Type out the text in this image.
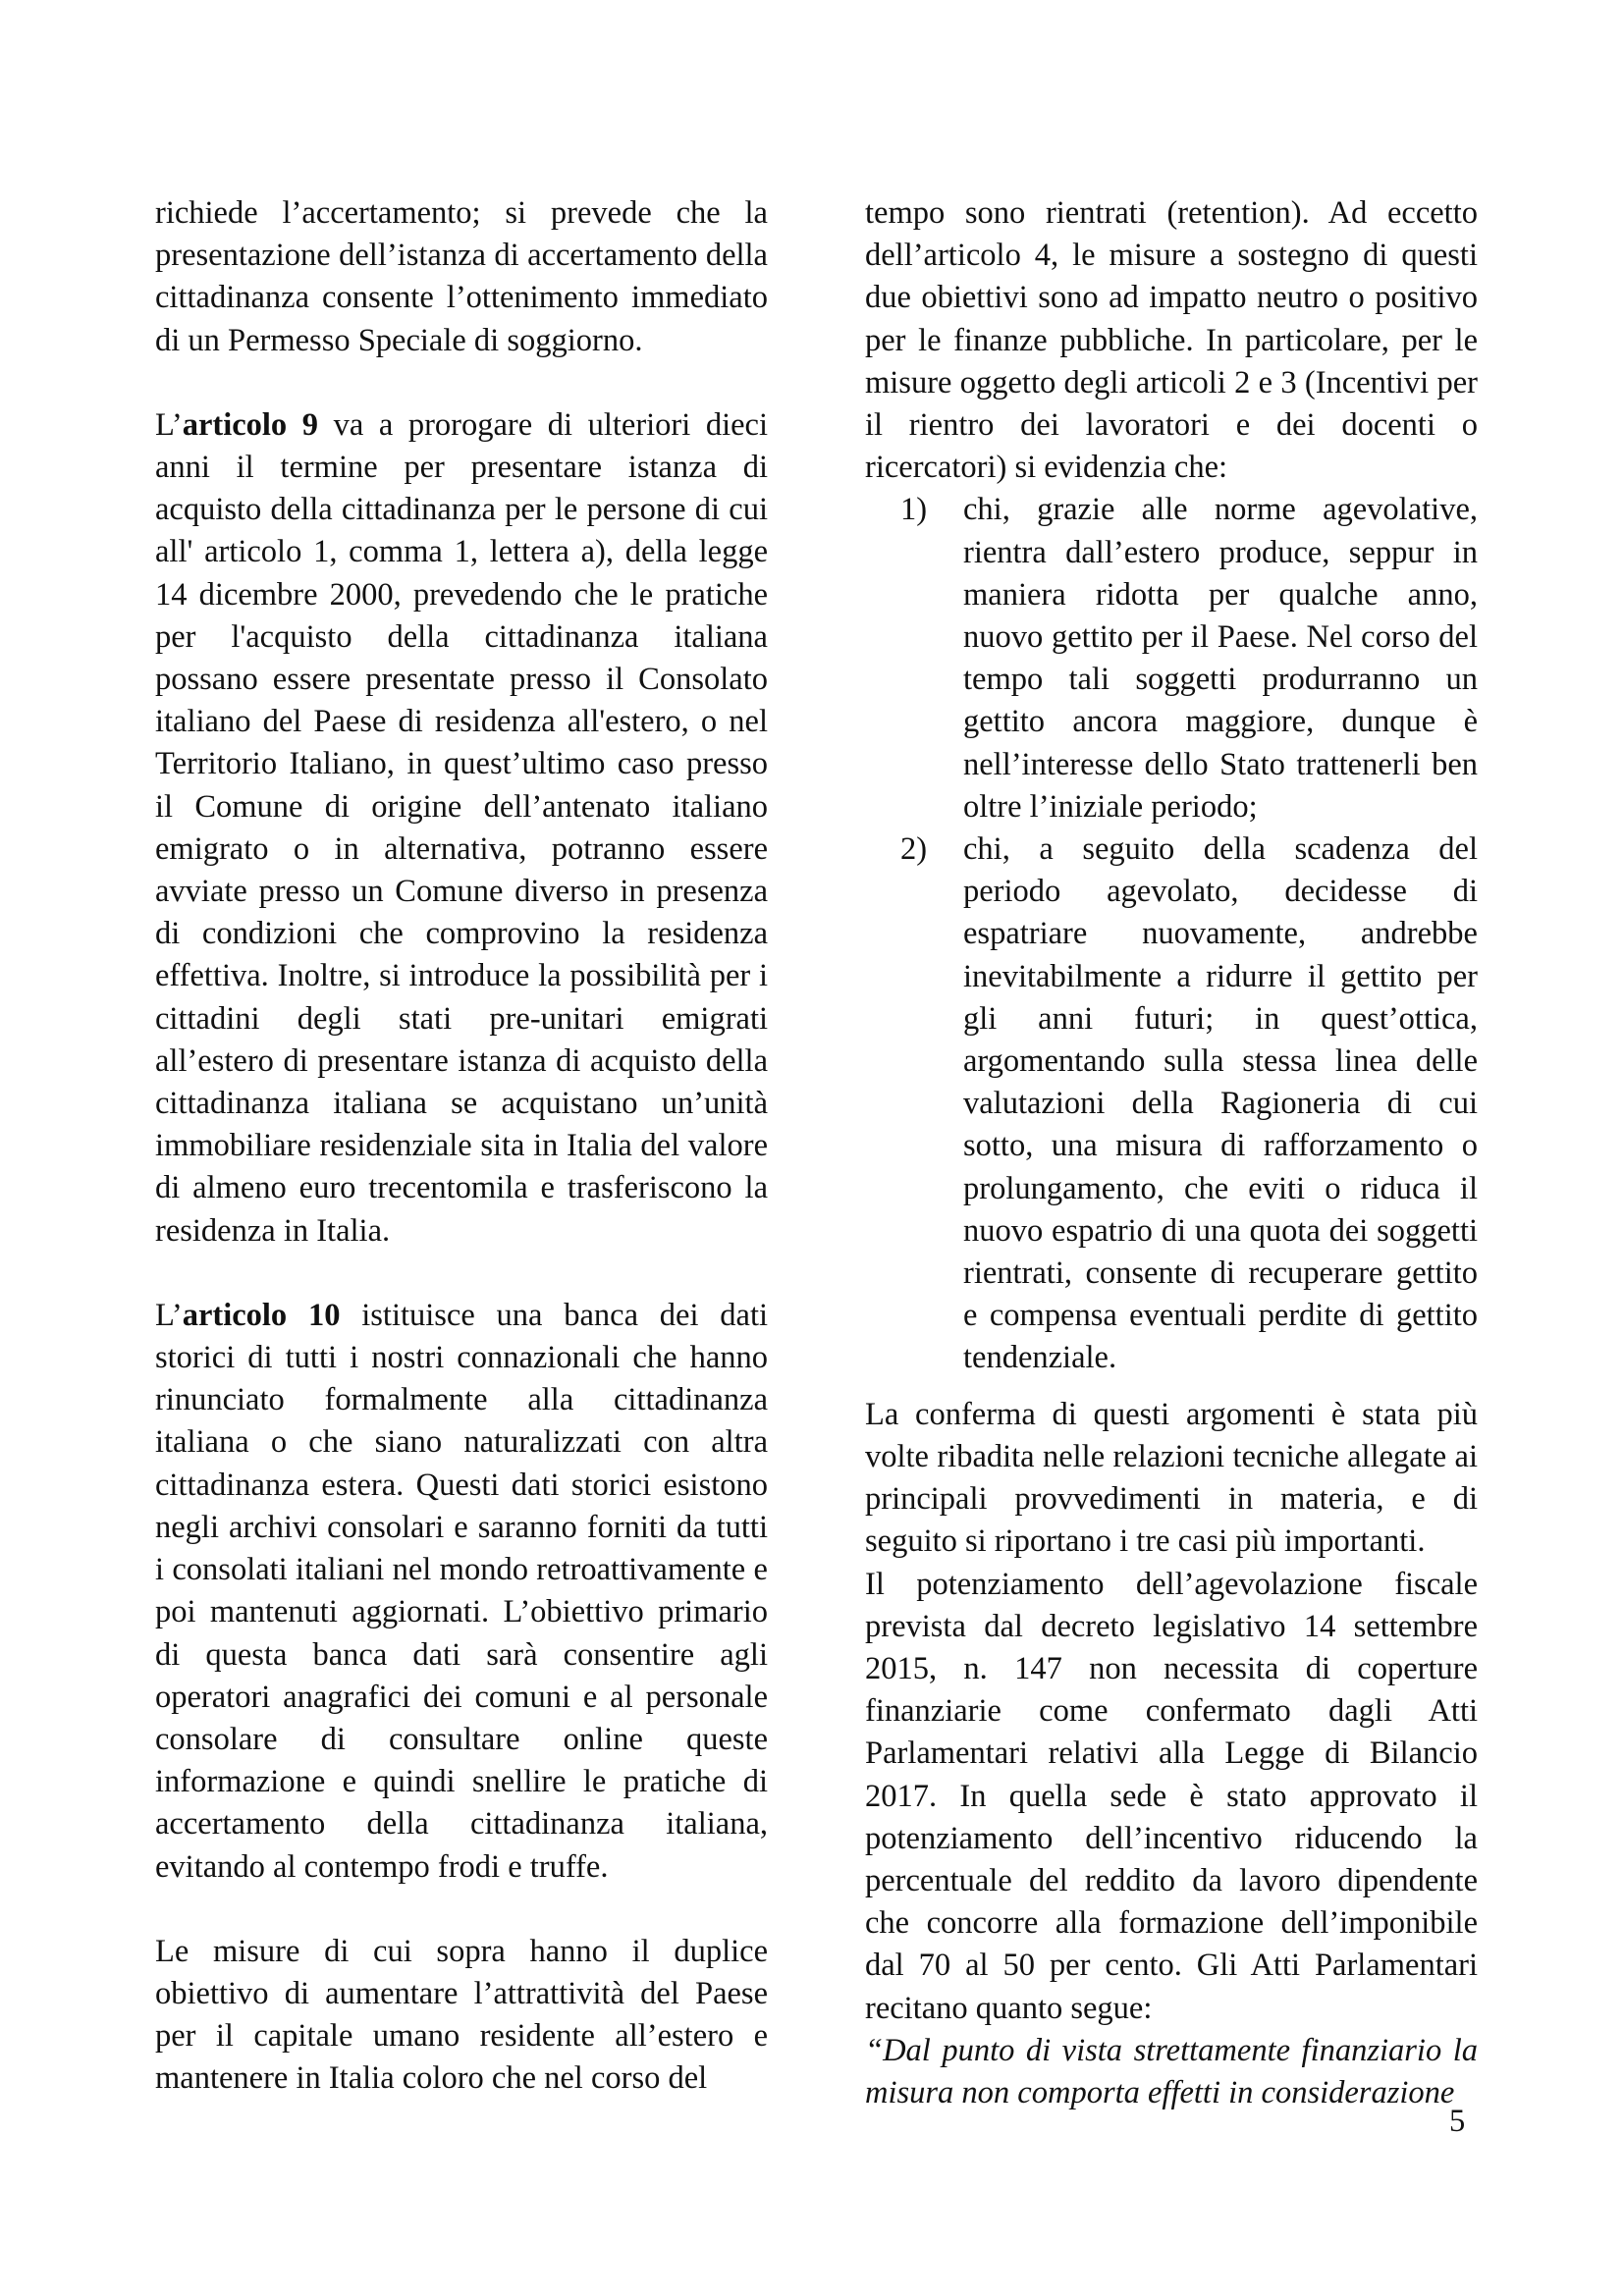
richiede l’accertamento; si prevede che la presentazione dell’istanza di accertamento della cittadinanza consente l’ottenimento immediato di un Permesso Speciale di soggiorno.

L’articolo 9 va a prorogare di ulteriori dieci anni il termine per presentare istanza di acquisto della cittadinanza per le persone di cui all' articolo 1, comma 1, lettera a), della legge 14 dicembre 2000, prevedendo che le pratiche per l'acquisto della cittadinanza italiana possano essere presentate presso il Consolato italiano del Paese di residenza all'estero, o nel Territorio Italiano, in quest’ultimo caso presso il Comune di origine dell’antenato italiano emigrato o in alternativa, potranno essere avviate presso un Comune diverso in presenza di condizioni che comprovino la residenza effettiva. Inoltre, si introduce la possibilità per i cittadini degli stati pre-unitari emigrati all’estero di presentare istanza di acquisto della cittadinanza italiana se acquistano un’unità immobiliare residenziale sita in Italia del valore di almeno euro trecentomila e trasferiscono la residenza in Italia.

L’articolo 10 istituisce una banca dei dati storici di tutti i nostri connazionali che hanno rinunciato formalmente alla cittadinanza italiana o che siano naturalizzati con altra cittadinanza estera. Questi dati storici esistono negli archivi consolari e saranno forniti da tutti i consolati italiani nel mondo retroattivamente e poi mantenuti aggiornati. L’obiettivo primario di questa banca dati sarà consentire agli operatori anagrafici dei comuni e al personale consolare di consultare online queste informazione e quindi snellire le pratiche di accertamento della cittadinanza italiana, evitando al contempo frodi e truffe.

Le misure di cui sopra hanno il duplice obiettivo di aumentare l’attrattività del Paese per il capitale umano residente all’estero e mantenere in Italia coloro che nel corso del

tempo sono rientrati (retention). Ad eccetto dell’articolo 4, le misure a sostegno di questi due obiettivi sono ad impatto neutro o positivo per le finanze pubbliche. In particolare, per le misure oggetto degli articoli 2 e 3 (Incentivi per il rientro dei lavoratori e dei docenti o ricercatori) si evidenzia che:

1) chi, grazie alle norme agevolative, rientra dall’estero produce, seppur in maniera ridotta per qualche anno, nuovo gettito per il Paese. Nel corso del tempo tali soggetti produrranno un gettito ancora maggiore, dunque è nell’interesse dello Stato trattenerli ben oltre l’iniziale periodo;
2) chi, a seguito della scadenza del periodo agevolato, decidesse di espatriare nuovamente, andrebbe inevitabilmente a ridurre il gettito per gli anni futuri; in quest’ottica, argomentando sulla stessa linea delle valutazioni della Ragioneria di cui sotto, una misura di rafforzamento o prolungamento, che eviti o riduca il nuovo espatrio di una quota dei soggetti rientrati, consente di recuperare gettito e compensa eventuali perdite di gettito tendenziale.

La conferma di questi argomenti è stata più volte ribadita nelle relazioni tecniche allegate ai principali provvedimenti in materia, e di seguito si riportano i tre casi più importanti.

Il potenziamento dell’agevolazione fiscale prevista dal decreto legislativo 14 settembre 2015, n. 147 non necessita di coperture finanziarie come confermato dagli Atti Parlamentari relativi alla Legge di Bilancio 2017. In quella sede è stato approvato il potenziamento dell’incentivo riducendo la percentuale del reddito da lavoro dipendente che concorre alla formazione dell’imponibile dal 70 al 50 per cento. Gli Atti Parlamentari recitano quanto segue:

“Dal punto di vista strettamente finanziario la misura non comporta effetti in considerazione

5
